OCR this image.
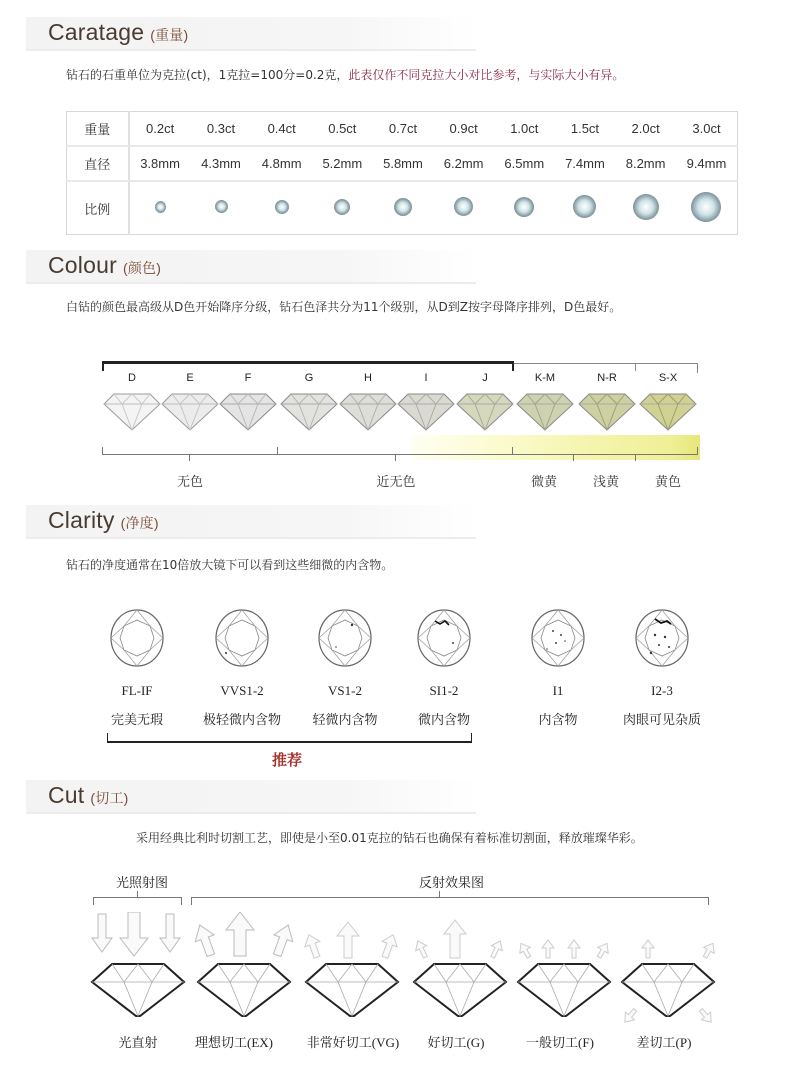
Caratage (重量)
钻石的石重单位为克拉(ct)，1克拉=100分=0.2克，此表仅作不同克拉大小对比参考，与实际大小有异。
重量	0.2ct	0.3ct	0.4ct	0.5ct	0.7ct	0.9ct	1.0ct	1.5ct	2.0ct	3.0ct
直径	3.8mm	4.3mm	4.8mm	5.2mm	5.8mm	6.2mm	6.5mm	7.4mm	8.2mm	9.4mm
比例										
Colour (颜色)
白钻的颜色最高级从D色开始降序分级，钻石色泽共分为11个级别，从D到Z按字母降序排列，D色最好。
D	E	F	G	H	I	J	K-M	N-R	S-X
无色	近无色	微黄	浅黄	黄色
Clarity (净度)
钻石的净度通常在10倍放大镜下可以看到这些细微的内含物。
FL-IF
完美无瑕
VVS1-2
极轻微内含物
VS1-2
轻微内含物
SI1-2
微内含物
I1
内含物
I2-3
肉眼可见杂质
推荐
Cut (切工)
采用经典比利时切割工艺，即使是小至0.01克拉的钻石也确保有着标准切割面，释放璀璨华彩。
光照射图	反射效果图
光直射	理想切工(EX)	非常好切工(VG)	好切工(G)	一般切工(F)	差切工(P)
